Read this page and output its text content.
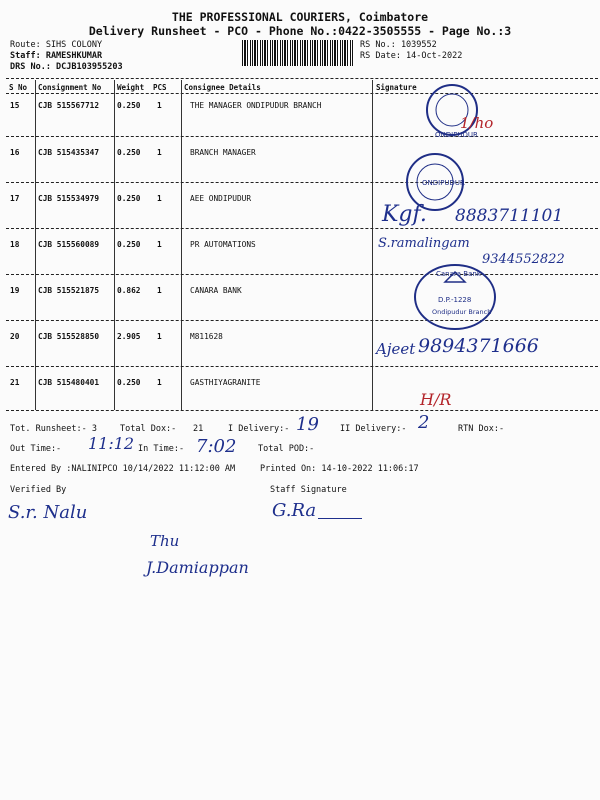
THE PROFESSIONAL COURIERS, Coimbatore
Delivery Runsheet - PCO - Phone No.:0422-3505555 - Page No.:3
Route: SIHS COLONY
Staff: RAMESHKUMAR
DRS No.: DCJB103955203
RS No.: 1039552
RS Date: 14-Oct-2022
S No Consignment No Weight PCS Consignee Details	Signature
15 CJB 515567712 0.250 1	THE MANAGER ONDIPUDUR BRANCH
16 CJB 515435347 0.250 1	BRANCH MANAGER
17 CJB 515534979 0.250 1	AEE ONDIPUDUR
18 CJB 515560089 0.250 1	PR AUTOMATIONS
19 CJB 515521875 0.862 1	CANARA BANK
20 CJB 515528850 2.905 1	M811628
21 CJB 515480401 0.250 1	GASTHIYAGRANITE
ONDIPUDUR
ONDIPUDUR
Canara Bank
D.P.-1228
Ondipudur Branch
1/ho
Kgf. 8883711101
S.ramalingam
9344552822
Ajeet 9894371666
H/R
Tot. Runsheet:- 3	Total Dox:- 21	I Delivery:- 19 II Delivery:- 2	RTN Dox:-
Out Time:- 11:12 In Time:- 7:02	Total POD:-
Entered By :NALINIPCO 10/14/2022 11:12:00 AM	Printed On: 14-10-2022 11:06:17
Verified By	Staff Signature
S.r. Nalu	G.Ra
Thu
J.Damiappan
